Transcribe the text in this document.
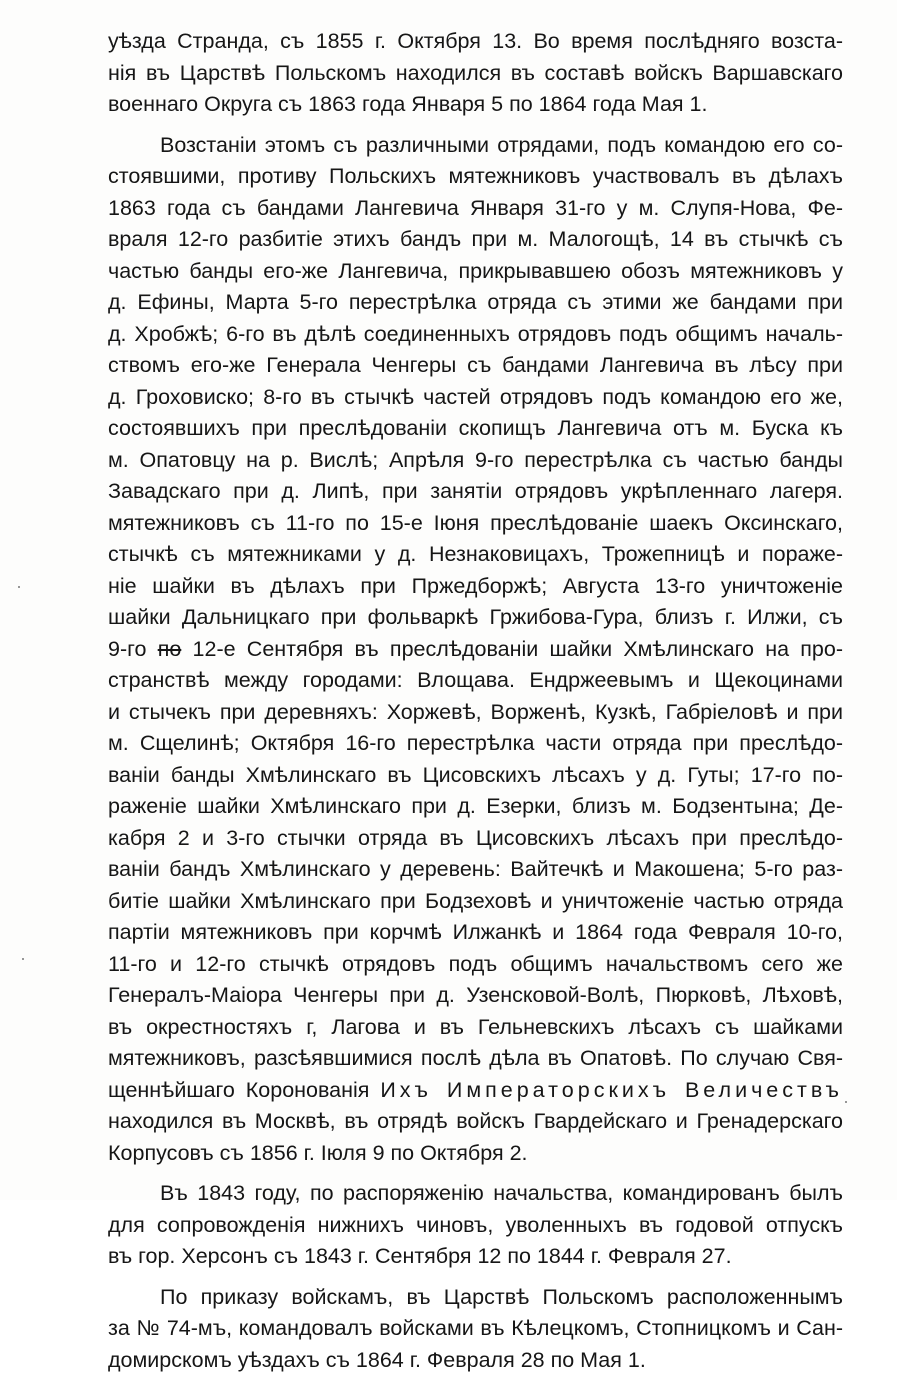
уѣзда Странда, съ 1855 г. Октября 13. Во время послѣдняго возста-
нія въ Царствѣ Польскомъ находился въ составѣ войскъ Варшавскаго
военнаго Округа съ 1863 года Января 5 по 1864 года Мая 1.
Возстаніи этомъ съ различными отрядами, подъ командою его со-
стоявшими, противу Польскихъ мятежниковъ участвовалъ въ дѣлахъ
1863 года съ бандами Лангевича Января 31-го у м. Слупя-Нова, Фе-
враля 12-го разбитіе этихъ бандъ при м. Малогощѣ, 14 въ стычкѣ съ
частью банды его-же Лангевича, прикрывавшею обозъ мятежниковъ у
д. Ефины, Марта 5-го перестрѣлка отряда съ этими же бандами при
д. Хробжѣ; 6-го въ дѣлѣ соединенныхъ отрядовъ подъ общимъ началь-
ствомъ его-же Генерала Ченгеры съ бандами Лангевича въ лѣсу при
д. Гроховиско; 8-го въ стычкѣ частей отрядовъ подъ командою его же,
состоявшихъ при преслѣдованіи скопищъ Лангевича отъ м. Буска къ
м. Опатовцу на р. Вислѣ; Апрѣля 9-го перестрѣлка съ частью банды
Завадскаго при д. Липѣ, при занятіи отрядовъ укрѣпленнаго лагеря.
мятежниковъ съ 11-го по 15-е Іюня преслѣдованіе шаекъ Оксинскаго,
стычкѣ съ мятежниками у д. Незнаковицахъ, Трожепницѣ и пораже-
ніе шайки въ дѣлахъ при Пржедборжѣ; Августа 13-го уничтоженіе
шайки Дальницкаго при фольваркѣ Гржибова-Гура, близъ г. Илжи, съ
9-го по 12-е Сентября въ преслѣдованіи шайки Хмѣлинскаго на про-
странствѣ между городами: Влощава. Ендржеевымъ и Щекоцинами
и стычекъ при деревняхъ: Хоржевѣ, Ворженѣ, Кузкѣ, Габріеловѣ и при
м. Сщелинѣ; Октября 16-го перестрѣлка части отряда при преслѣдо-
ваніи банды Хмѣлинскаго въ Цисовскихъ лѣсахъ у д. Гуты; 17-го по-
раженіе шайки Хмѣлинскаго при д. Езерки, близъ м. Бодзентына; Де-
кабря 2 и 3-го стычки отряда въ Цисовскихъ лѣсахъ при преслѣдо-
ваніи бандъ Хмѣлинскаго у деревень: Вайтечкѣ и Макошена; 5-го раз-
битіе шайки Хмѣлинскаго при Бодзеховѣ и уничтоженіе частью отряда
партіи мятежниковъ при корчмѣ Илжанкѣ и 1864 года Февраля 10-го,
11-го и 12-го стычкѣ отрядовъ подъ общимъ начальствомъ сего же
Генералъ-Маіора Ченгеры при д. Узенсковой-Волѣ, Пюрковѣ, Лѣховѣ,
въ окрестностяхъ г, Лагова и въ Гельневскихъ лѣсахъ съ шайками
мятежниковъ, разсѣявшимися послѣ дѣла въ Опатовѣ. По случаю Свя-
щеннѣйшаго Коронованія Ихъ Императорскихъ Величествъ
находился въ Москвѣ, въ отрядѣ войскъ Гвардейскаго и Гренадерскаго
Корпусовъ съ 1856 г. Іюля 9 по Октября 2.
Въ 1843 году, по распоряженію начальства, командированъ былъ
для сопровожденія нижнихъ чиновъ, уволенныхъ въ годовой отпускъ
въ гор. Херсонъ съ 1843 г. Сентября 12 по 1844 г. Февраля 27.
По приказу войскамъ, въ Царствѣ Польскомъ расположеннымъ
за № 74-мъ, командовалъ войсками въ Кѣлецкомъ, Стопницкомъ и Сан-
домирскомъ уѣздахъ съ 1864 г. Февраля 28 по Мая 1.
